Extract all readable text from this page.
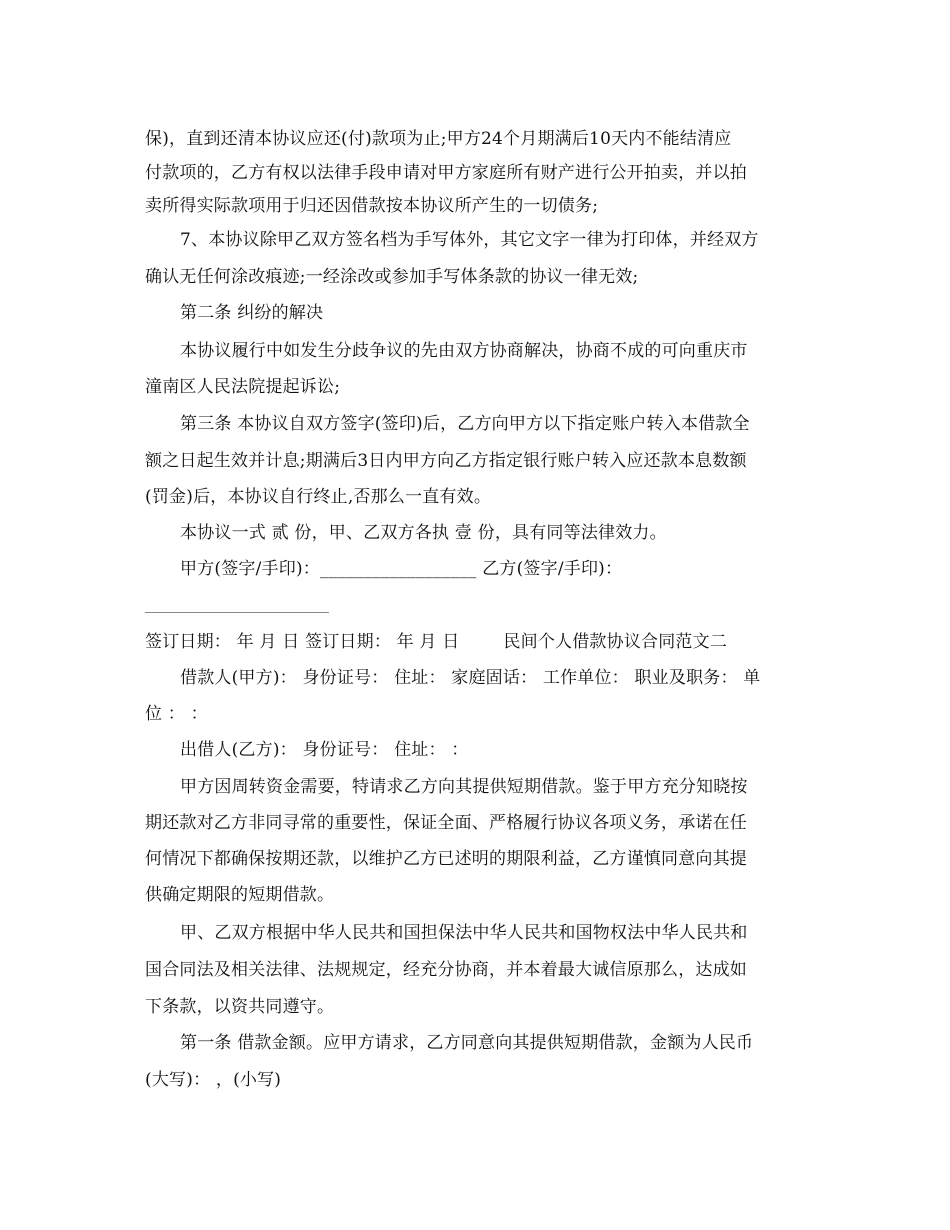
保)，直到还清本协议应还(付)款项为止;甲方24个月期满后10天内不能结清应
付款项的，乙方有权以法律手段申请对甲方家庭所有财产进行公开拍卖，并以拍
卖所得实际款项用于归还因借款按本协议所产生的一切债务;
7、本协议除甲乙双方签名档为手写体外，其它文字一律为打印体，并经双方
确认无任何涂改痕迹;一经涂改或参加手写体条款的协议一律无效;
第二条 纠纷的解决
本协议履行中如发生分歧争议的先由双方协商解决，协商不成的可向重庆市
潼南区人民法院提起诉讼;
第三条 本协议自双方签字(签印)后，乙方向甲方以下指定账户转入本借款全
额之日起生效并计息;期满后3日内甲方向乙方指定银行账户转入应还款本息数额
(罚金)后，本协议自行终止,否那么一直有效。
本协议一式 贰 份，甲、乙双方各执 壹 份，具有同等法律效力。
甲方(签字/手印)：__________________ 乙方(签字/手印)：
签订日期： 年 月 日 签订日期： 年 月 日	民间个人借款协议合同范文二
借款人(甲方)： 身份证号： 住址： 家庭固话： 工作单位： 职业及职务： 单
位 ： ：
出借人(乙方)： 身份证号： 住址： ：
甲方因周转资金需要，特请求乙方向其提供短期借款。鉴于甲方充分知晓按
期还款对乙方非同寻常的重要性，保证全面、严格履行协议各项义务，承诺在任
何情况下都确保按期还款，以维护乙方已述明的期限利益，乙方谨慎同意向其提
供确定期限的短期借款。
甲、乙双方根据中华人民共和国担保法中华人民共和国物权法中华人民共和
国合同法及相关法律、法规规定，经充分协商，并本着最大诚信原那么，达成如
下条款，以资共同遵守。
第一条 借款金额。应甲方请求，乙方同意向其提供短期借款，金额为人民币
(大写)： ，(小写)
